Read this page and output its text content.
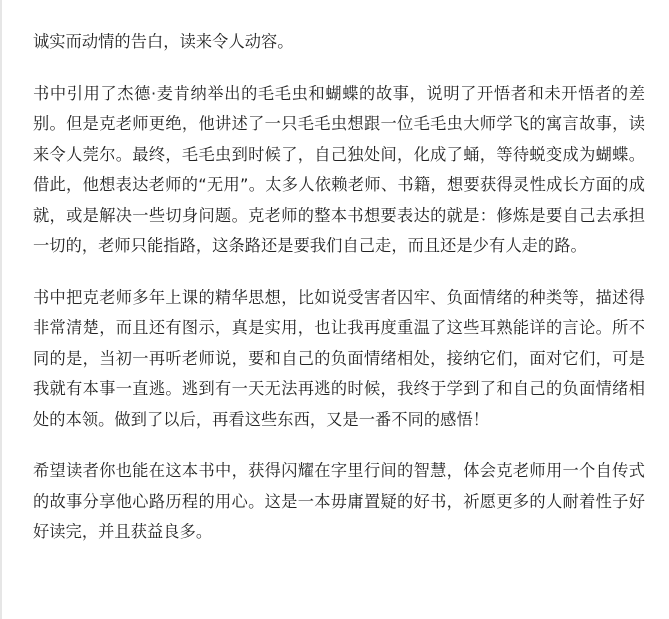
诚实而动情的告白，读来令人动容。

书中引用了杰德·麦肯纳举出的毛毛虫和蝴蝶的故事，说明了开悟者和未开悟者的差别。但是克老师更绝，他讲述了一只毛毛虫想跟一位毛毛虫大师学飞的寓言故事，读来令人莞尔。最终，毛毛虫到时候了，自己独处间，化成了蛹，等待蜕变成为蝴蝶。借此，他想表达老师的“无用”。太多人依赖老师、书籍，想要获得灵性成长方面的成就，或是解决一些切身问题。克老师的整本书想要表达的就是：修炼是要自己去承担一切的，老师只能指路，这条路还是要我们自己走，而且还是少有人走的路。

书中把克老师多年上课的精华思想，比如说受害者囚牢、负面情绪的种类等，描述得非常清楚，而且还有图示，真是实用，也让我再度重温了这些耳熟能详的言论。所不同的是，当初一再听老师说，要和自己的负面情绪相处，接纳它们，面对它们，可是我就有本事一直逃。逃到有一天无法再逃的时候，我终于学到了和自己的负面情绪相处的本领。做到了以后，再看这些东西，又是一番不同的感悟！

希望读者你也能在这本书中，获得闪耀在字里行间的智慧，体会克老师用一个自传式的故事分享他心路历程的用心。这是一本毋庸置疑的好书，祈愿更多的人耐着性子好好读完，并且获益良多。
